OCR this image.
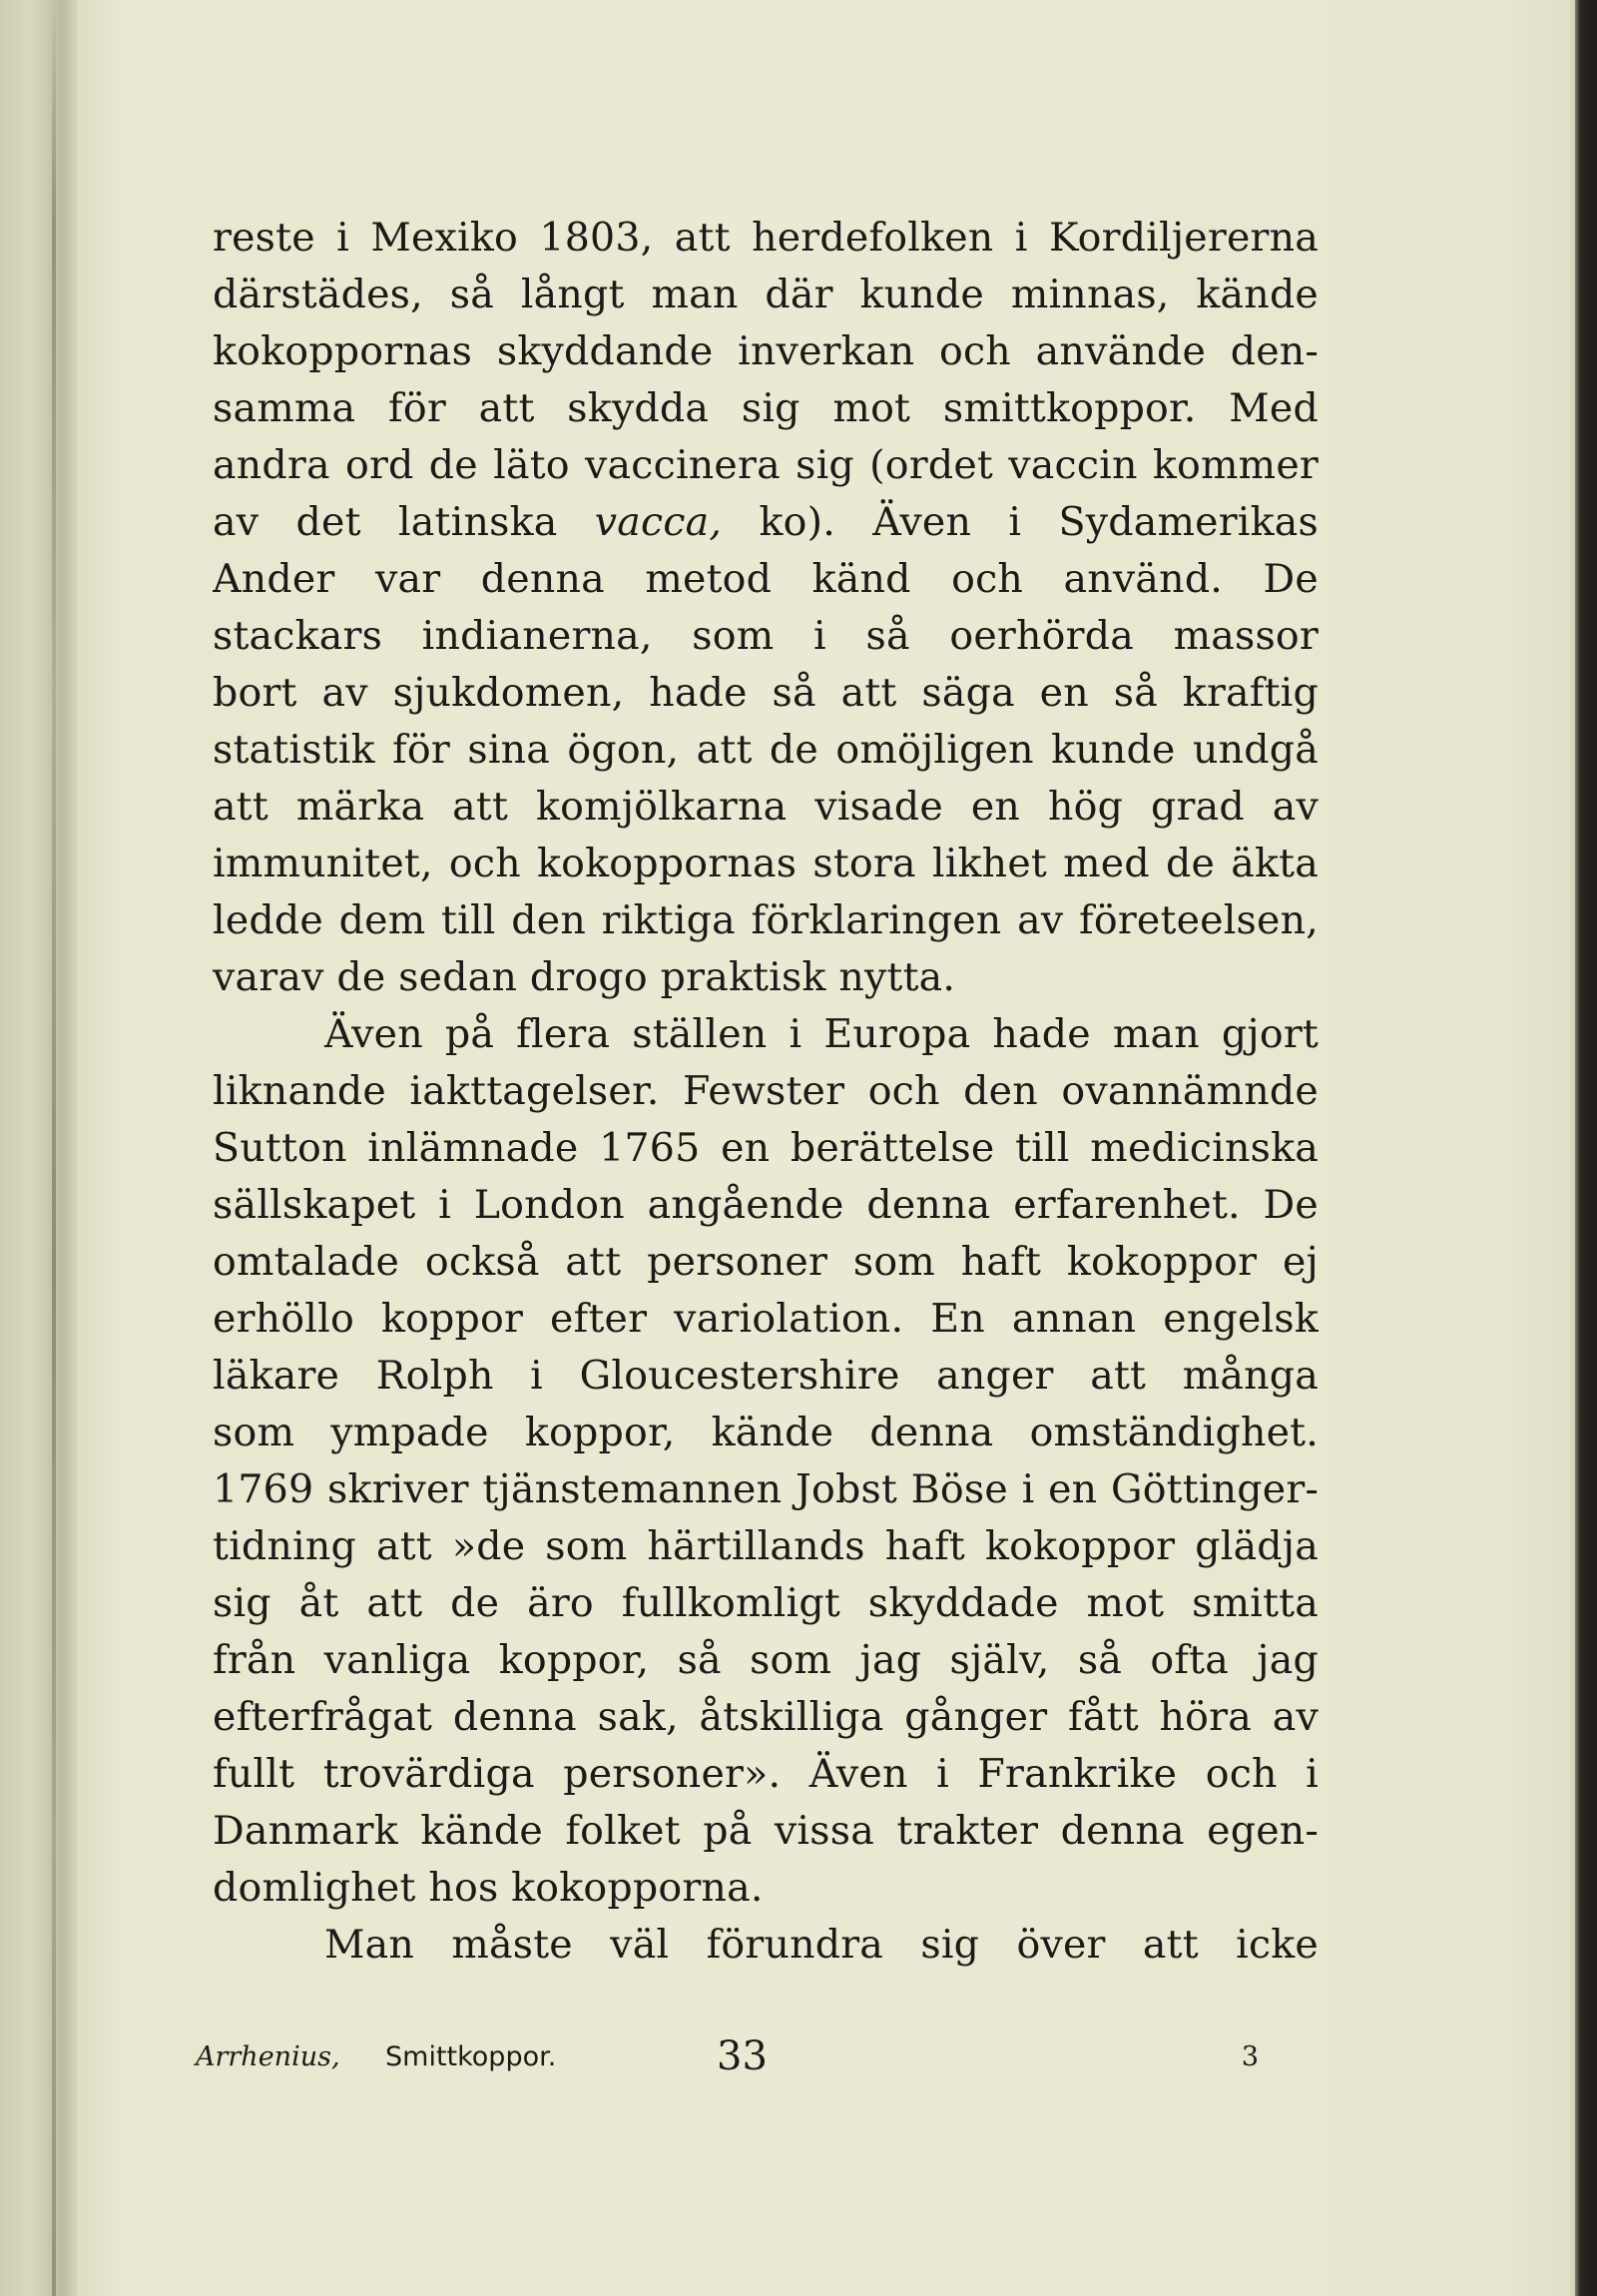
reste i Mexiko 1803, att herdefolken i Kordiljererna
därstädes, så långt man där kunde minnas, kände
kokoppornas skyddande inverkan och använde den-
samma för att skydda sig mot smittkoppor. Med
andra ord de läto vaccinera sig (ordet vaccin kommer
av det latinska vacca, ko). Även i Sydamerikas
Ander var denna metod känd och använd. De
stackars indianerna, som i så oerhörda massor
bort av sjukdomen, hade så att säga en så kraftig
statistik för sina ögon, att de omöjligen kunde undgå
att märka att komjölkarna visade en hög grad av
immunitet, och kokoppornas stora likhet med de äkta
ledde dem till den riktiga förklaringen av företeelsen,
varav de sedan drogo praktisk nytta.
Även på flera ställen i Europa hade man gjort
liknande iakttagelser. Fewster och den ovannämnde
Sutton inlämnade 1765 en berättelse till medicinska
sällskapet i London angående denna erfarenhet. De
omtalade också att personer som haft kokoppor ej
erhöllo koppor efter variolation. En annan engelsk
läkare Rolph i Gloucestershire anger att många
som ympade koppor, kände denna omständighet.
1769 skriver tjänstemannen Jobst Böse i en Göttinger-
tidning att »de som härtillands haft kokoppor glädja
sig åt att de äro fullkomligt skyddade mot smitta
från vanliga koppor, så som jag själv, så ofta jag
efterfrågat denna sak, åtskilliga gånger fått höra av
fullt trovärdiga personer». Även i Frankrike och i
Danmark kände folket på vissa trakter denna egen-
domlighet hos kokopporna.
Man måste väl förundra sig över att icke
Arrhenius, Smittkoppor.	33	3
